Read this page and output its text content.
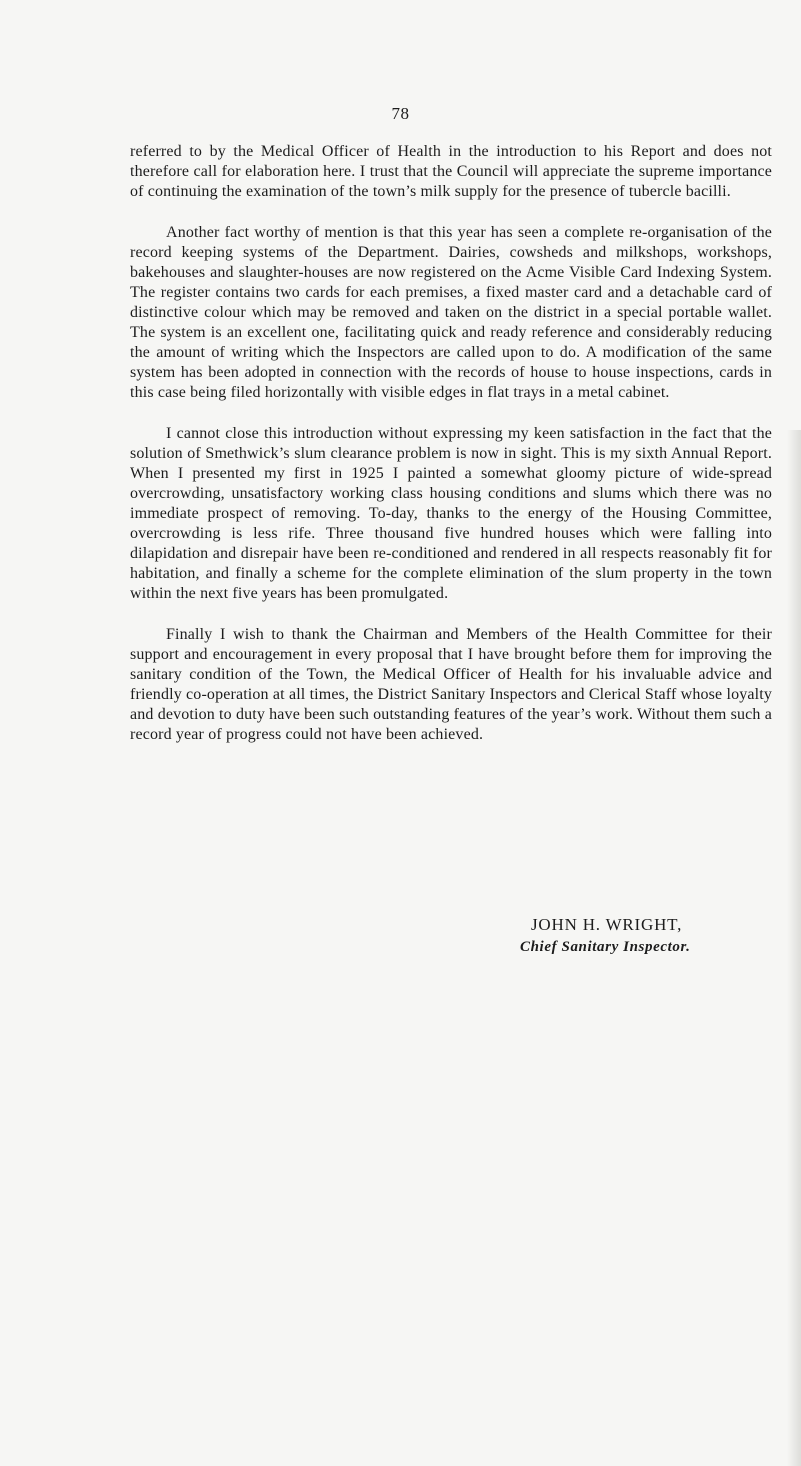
78

referred to by the Medical Officer of Health in the introduction to his Report and does not therefore call for elaboration here. I trust that the Council will appreciate the supreme importance of continuing the examination of the town’s milk supply for the presence of tubercle bacilli.

Another fact worthy of mention is that this year has seen a complete re-organisation of the record keeping systems of the Department. Dairies, cowsheds and milkshops, workshops, bakehouses and slaughter-houses are now registered on the Acme Visible Card Indexing System. The register contains two cards for each premises, a fixed master card and a detachable card of distinctive colour which may be removed and taken on the district in a special portable wallet. The system is an excellent one, facilitating quick and ready reference and considerably reducing the amount of writing which the Inspectors are called upon to do. A modification of the same system has been adopted in connection with the records of house to house inspections, cards in this case being filed horizontally with visible edges in flat trays in a metal cabinet.

I cannot close this introduction without expressing my keen satisfaction in the fact that the solution of Smethwick’s slum clearance problem is now in sight. This is my sixth Annual Report. When I presented my first in 1925 I painted a somewhat gloomy picture of wide-spread overcrowding, unsatisfactory working class housing conditions and slums which there was no immediate prospect of removing. To-day, thanks to the energy of the Housing Committee, overcrowding is less rife. Three thousand five hundred houses which were falling into dilapidation and disrepair have been re-conditioned and rendered in all respects reasonably fit for habitation, and finally a scheme for the complete elimination of the slum property in the town within the next five years has been promulgated.

Finally I wish to thank the Chairman and Members of the Health Committee for their support and encouragement in every proposal that I have brought before them for improving the sanitary condition of the Town, the Medical Officer of Health for his invaluable advice and friendly co-operation at all times, the District Sanitary Inspectors and Clerical Staff whose loyalty and devotion to duty have been such outstanding features of the year’s work. Without them such a record year of progress could not have been achieved.

JOHN H. WRIGHT,
Chief Sanitary Inspector.
